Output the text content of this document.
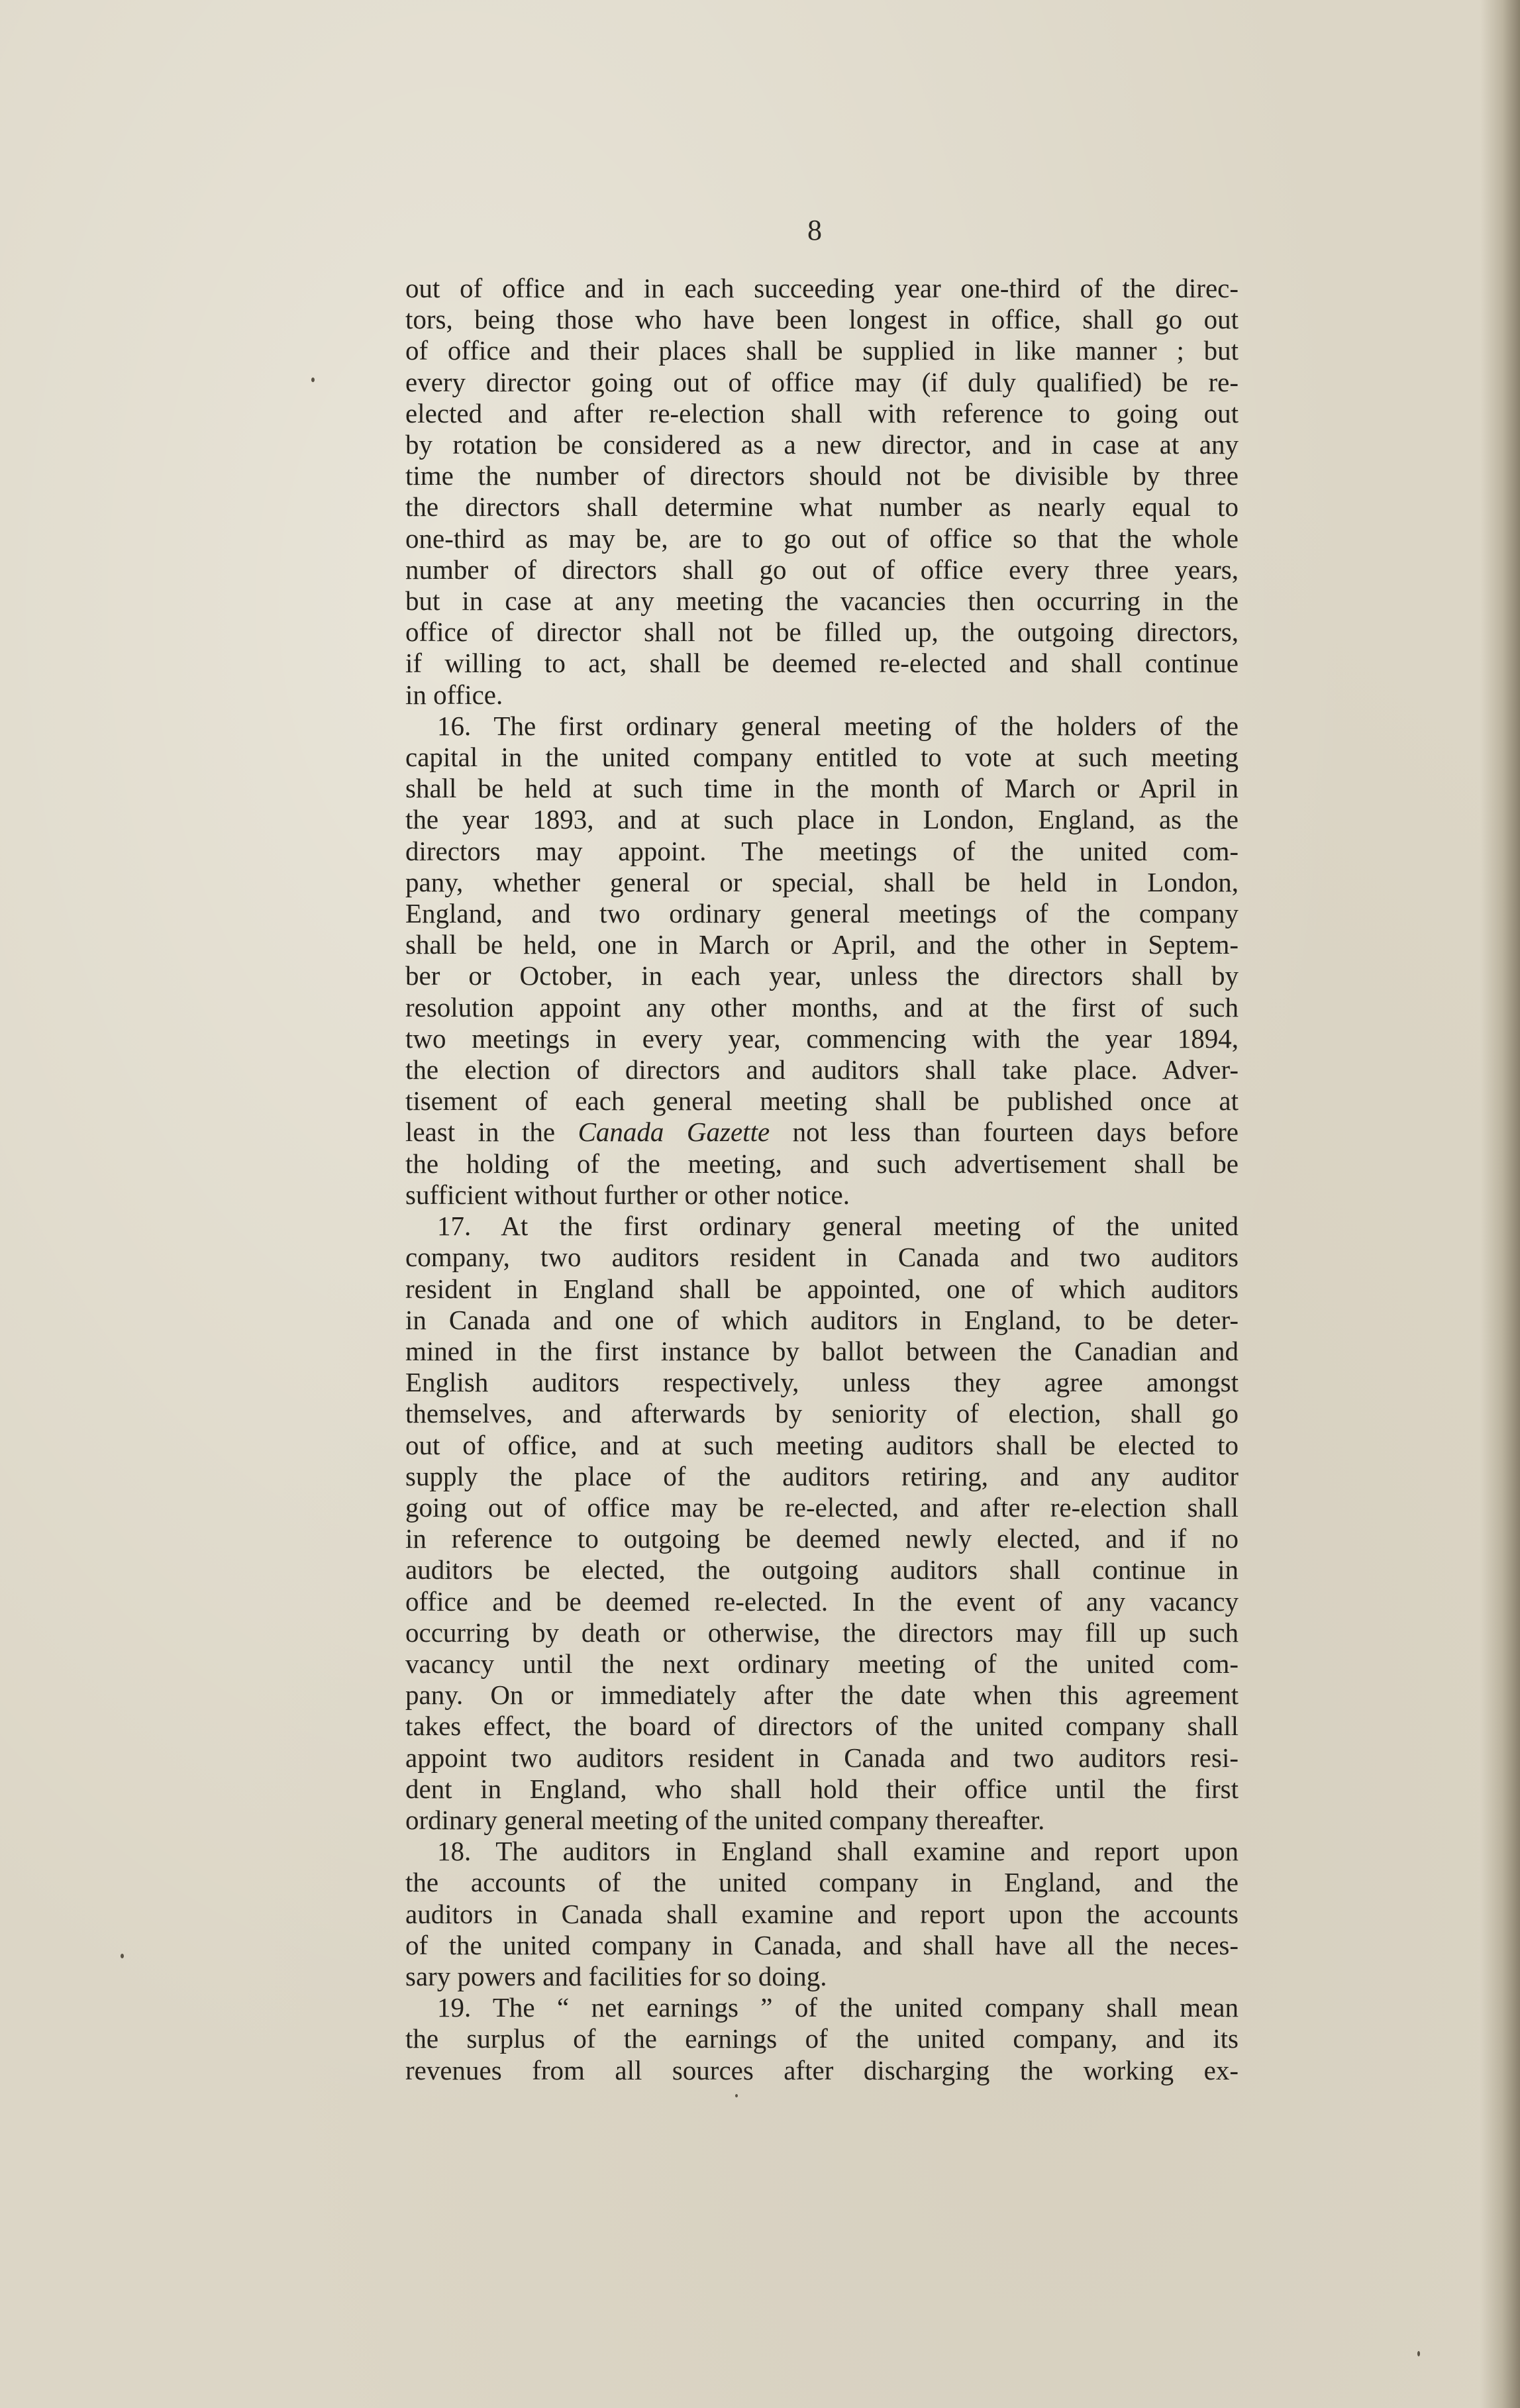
8
out of office and in each succeeding year one-third of the direc-
tors, being those who have been longest in office, shall go out
of office and their places shall be supplied in like manner ; but
every director going out of office may (if duly qualified) be re-
elected and after re-election shall with reference to going out
by rotation be considered as a new director, and in case at any
time the number of directors should not be divisible by three
the directors shall determine what number as nearly equal to
one-third as may be, are to go out of office so that the whole
number of directors shall go out of office every three years,
but in case at any meeting the vacancies then occurring in the
office of director shall not be filled up, the outgoing directors,
if willing to act, shall be deemed re-elected and shall continue
in office.
16. The first ordinary general meeting of the holders of the
capital in the united company entitled to vote at such meeting
shall be held at such time in the month of March or April in
the year 1893, and at such place in London, England, as the
directors may appoint. The meetings of the united com-
pany, whether general or special, shall be held in London,
England, and two ordinary general meetings of the company
shall be held, one in March or April, and the other in Septem-
ber or October, in each year, unless the directors shall by
resolution appoint any other months, and at the first of such
two meetings in every year, commencing with the year 1894,
the election of directors and auditors shall take place. Adver-
tisement of each general meeting shall be published once at
least in the Canada Gazette not less than fourteen days before
the holding of the meeting, and such advertisement shall be
sufficient without further or other notice.
17. At the first ordinary general meeting of the united
company, two auditors resident in Canada and two auditors
resident in England shall be appointed, one of which auditors
in Canada and one of which auditors in England, to be deter-
mined in the first instance by ballot between the Canadian and
English auditors respectively, unless they agree amongst
themselves, and afterwards by seniority of election, shall go
out of office, and at such meeting auditors shall be elected to
supply the place of the auditors retiring, and any auditor
going out of office may be re-elected, and after re-election shall
in reference to outgoing be deemed newly elected, and if no
auditors be elected, the outgoing auditors shall continue in
office and be deemed re-elected. In the event of any vacancy
occurring by death or otherwise, the directors may fill up such
vacancy until the next ordinary meeting of the united com-
pany. On or immediately after the date when this agreement
takes effect, the board of directors of the united company shall
appoint two auditors resident in Canada and two auditors resi-
dent in England, who shall hold their office until the first
ordinary general meeting of the united company thereafter.
18. The auditors in England shall examine and report upon
the accounts of the united company in England, and the
auditors in Canada shall examine and report upon the accounts
of the united company in Canada, and shall have all the neces-
sary powers and facilities for so doing.
19. The “ net earnings ” of the united company shall mean
the surplus of the earnings of the united company, and its
revenues from all sources after discharging the working ex-
